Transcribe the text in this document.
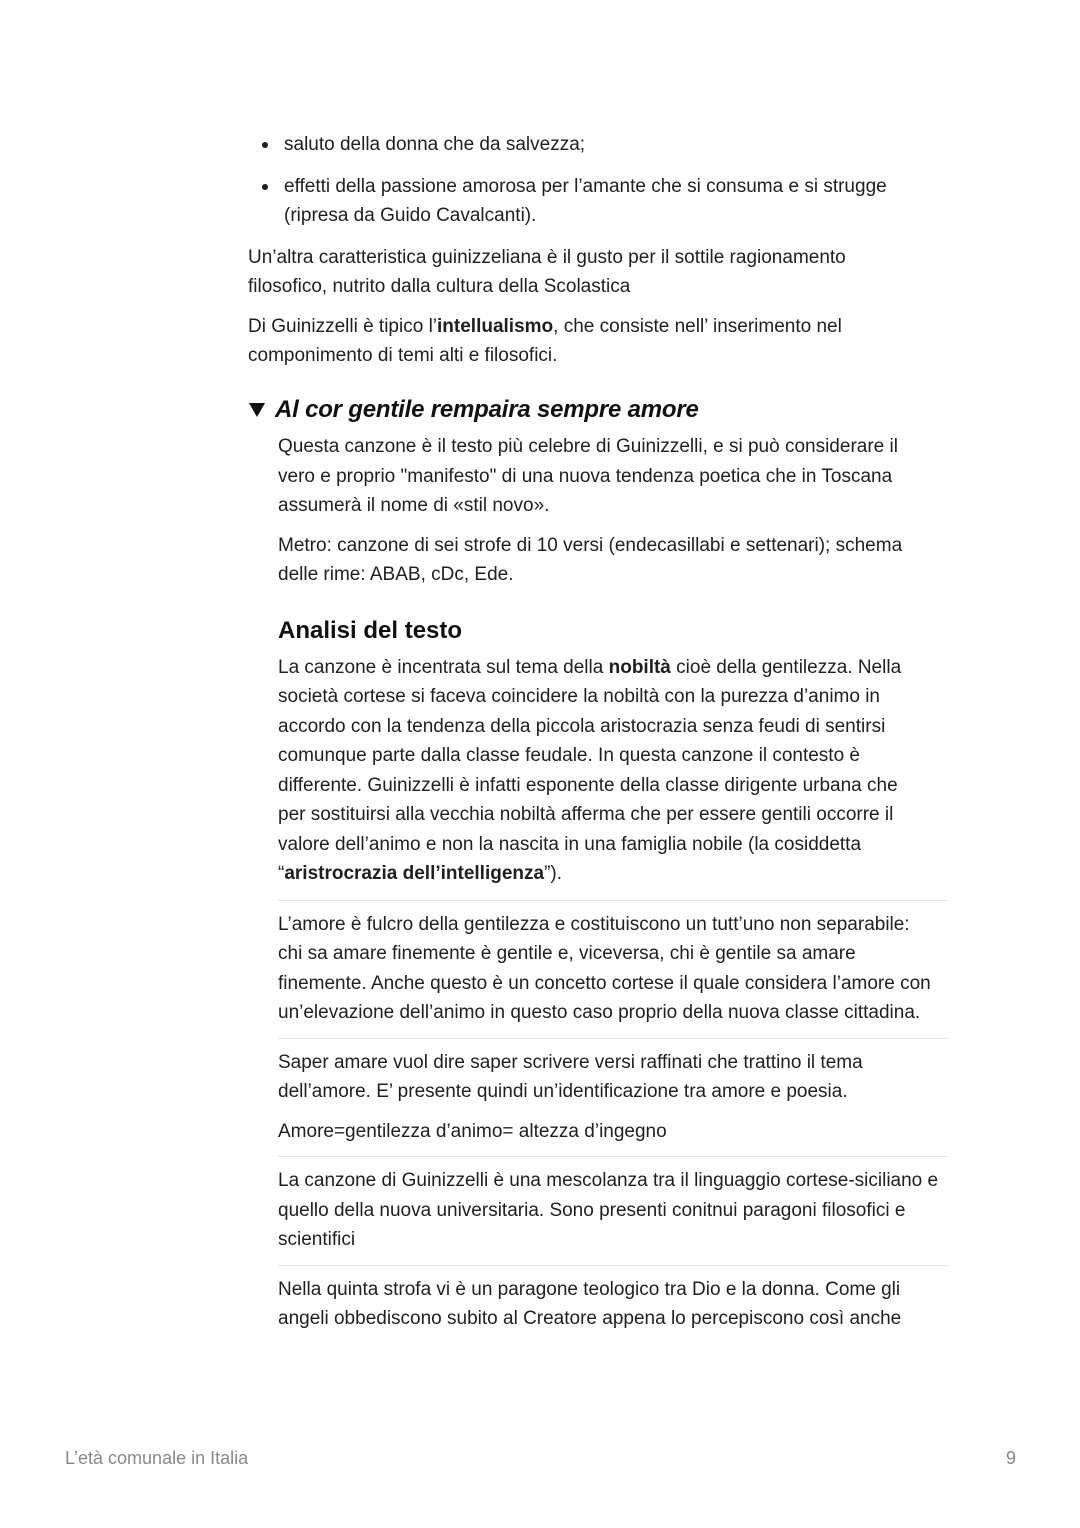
saluto della donna che da salvezza;
effetti della passione amorosa per l’amante che si consuma e si strugge (ripresa da Guido Cavalcanti).

Un’altra caratteristica guinizzeliana è il gusto per il sottile ragionamento filosofico, nutrito dalla cultura della Scolastica

Di Guinizzelli è tipico l’intellualismo, che consiste nell’ inserimento nel componimento di temi alti e filosofici.

Al cor gentile rempaira sempre amore

Questa canzone è il testo più celebre di Guinizzelli, e si può considerare il vero e proprio "manifesto" di una nuova tendenza poetica che in Toscana assumerà il nome di «stil novo».

Metro: canzone di sei strofe di 10 versi (endecasillabi e settenari); schema delle rime: ABAB, cDc, Ede.

Analisi del testo

La canzone è incentrata sul tema della nobiltà cioè della gentilezza. Nella società cortese si faceva coincidere la nobiltà con la purezza d’animo in accordo con la tendenza della piccola aristocrazia senza feudi di sentirsi comunque parte dalla classe feudale. In questa canzone il contesto è differente. Guinizzelli è infatti esponente della classe dirigente urbana che per sostituirsi alla vecchia nobiltà afferma che per essere gentili occorre il valore dell’animo e non la nascita in una famiglia nobile (la cosiddetta “aristrocrazia dell’intelligenza”).

L’amore è fulcro della gentilezza e costituiscono un tutt’uno non separabile: chi sa amare finemente è gentile e, viceversa, chi è gentile sa amare finemente. Anche questo è un concetto cortese il quale considera l’amore con un’elevazione dell’animo in questo caso proprio della nuova classe cittadina.

Saper amare vuol dire saper scrivere versi raffinati che trattino il tema dell’amore. E’ presente quindi un’identificazione tra amore e poesia.

Amore=gentilezza d’animo= altezza d’ingegno

La canzone di Guinizzelli è una mescolanza tra il linguaggio cortese-siciliano e quello della nuova universitaria. Sono presenti conitnui paragoni filosofici e scientifici

Nella quinta strofa vi è un paragone teologico tra Dio e la donna. Come gli angeli obbediscono subito al Creatore appena lo percepiscono così anche

L’età comunale in Italia	9
